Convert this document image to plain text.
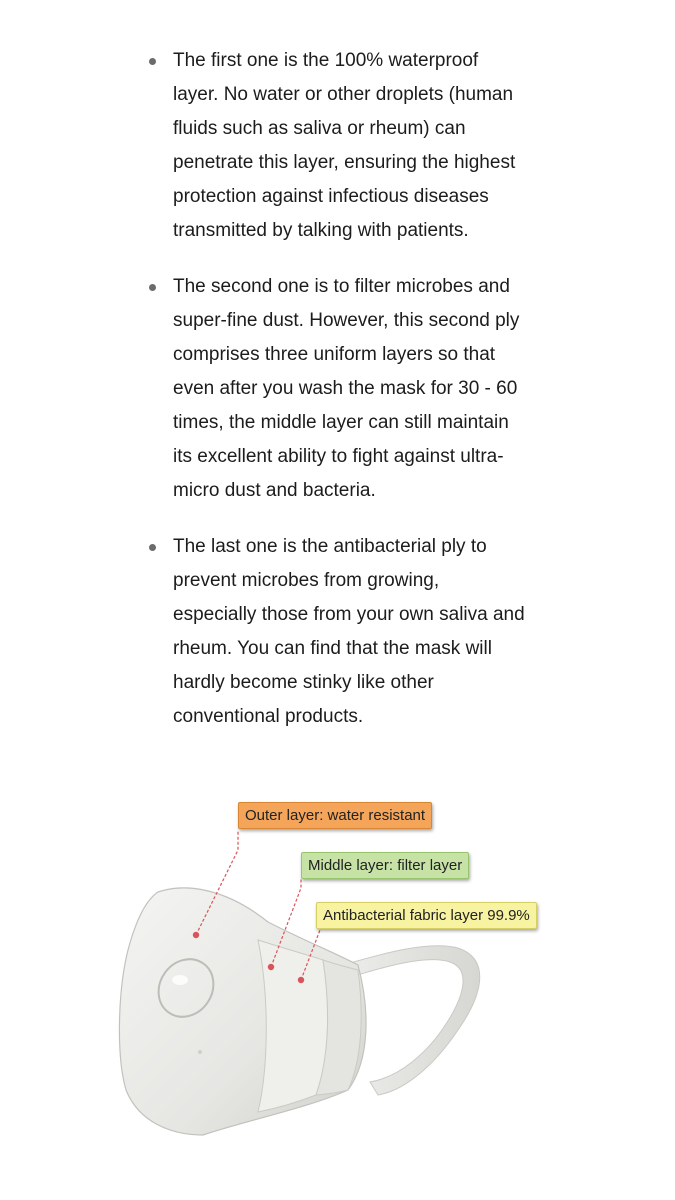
The first one is the 100% waterproof layer. No water or other droplets (human fluids such as saliva or rheum) can penetrate this layer, ensuring the highest protection against infectious diseases transmitted by talking with patients.
The second one is to filter microbes and super-fine dust. However, this second ply comprises three uniform layers so that even after you wash the mask for 30 - 60 times, the middle layer can still maintain its excellent ability to fight against ultra-micro dust and bacteria.
The last one is the antibacterial ply to prevent microbes from growing, especially those from your own saliva and rheum. You can find that the mask will hardly become stinky like other conventional products.
Outer layer: water resistant
Middle layer: filter layer
Antibacterial fabric layer 99.9%
